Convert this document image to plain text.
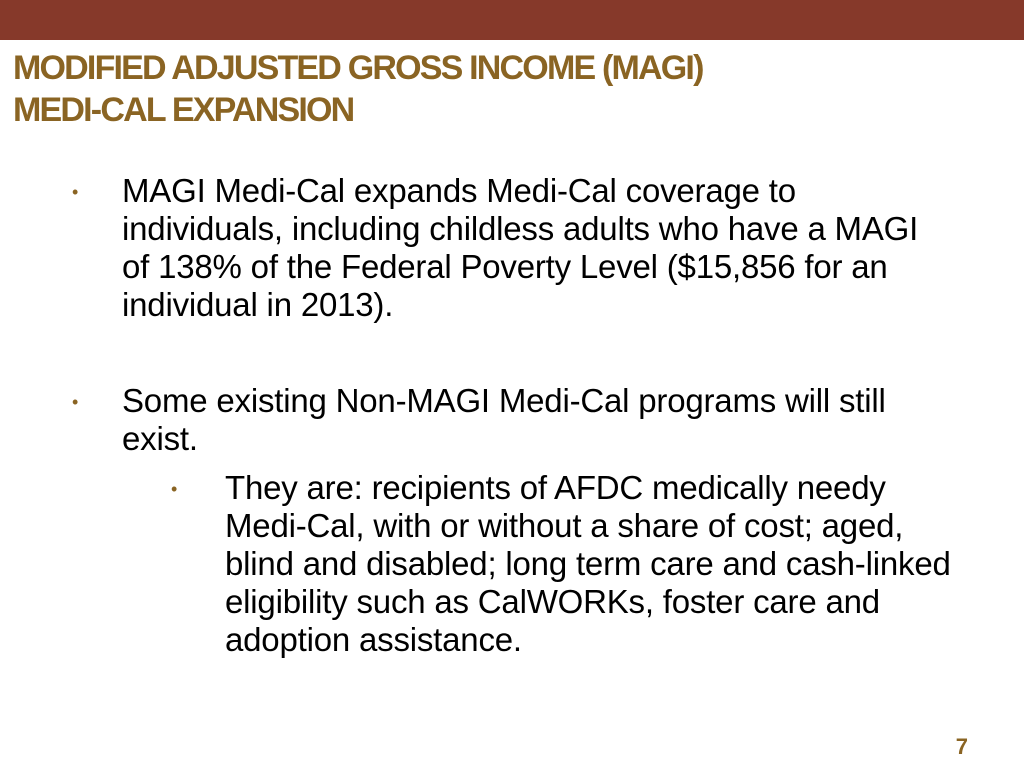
MODIFIED ADJUSTED GROSS INCOME (MAGI)
MEDI-CAL EXPANSION
• MAGI Medi-Cal expands Medi-Cal coverage to individuals, including childless adults who have a MAGI of 138% of the Federal Poverty Level ($15,856 for an individual in 2013).
• Some existing Non-MAGI Medi-Cal programs will still exist.
• They are: recipients of AFDC medically needy Medi-Cal, with or without a share of cost; aged, blind and disabled; long term care and cash-linked eligibility such as CalWORKs, foster care and adoption assistance.
7
